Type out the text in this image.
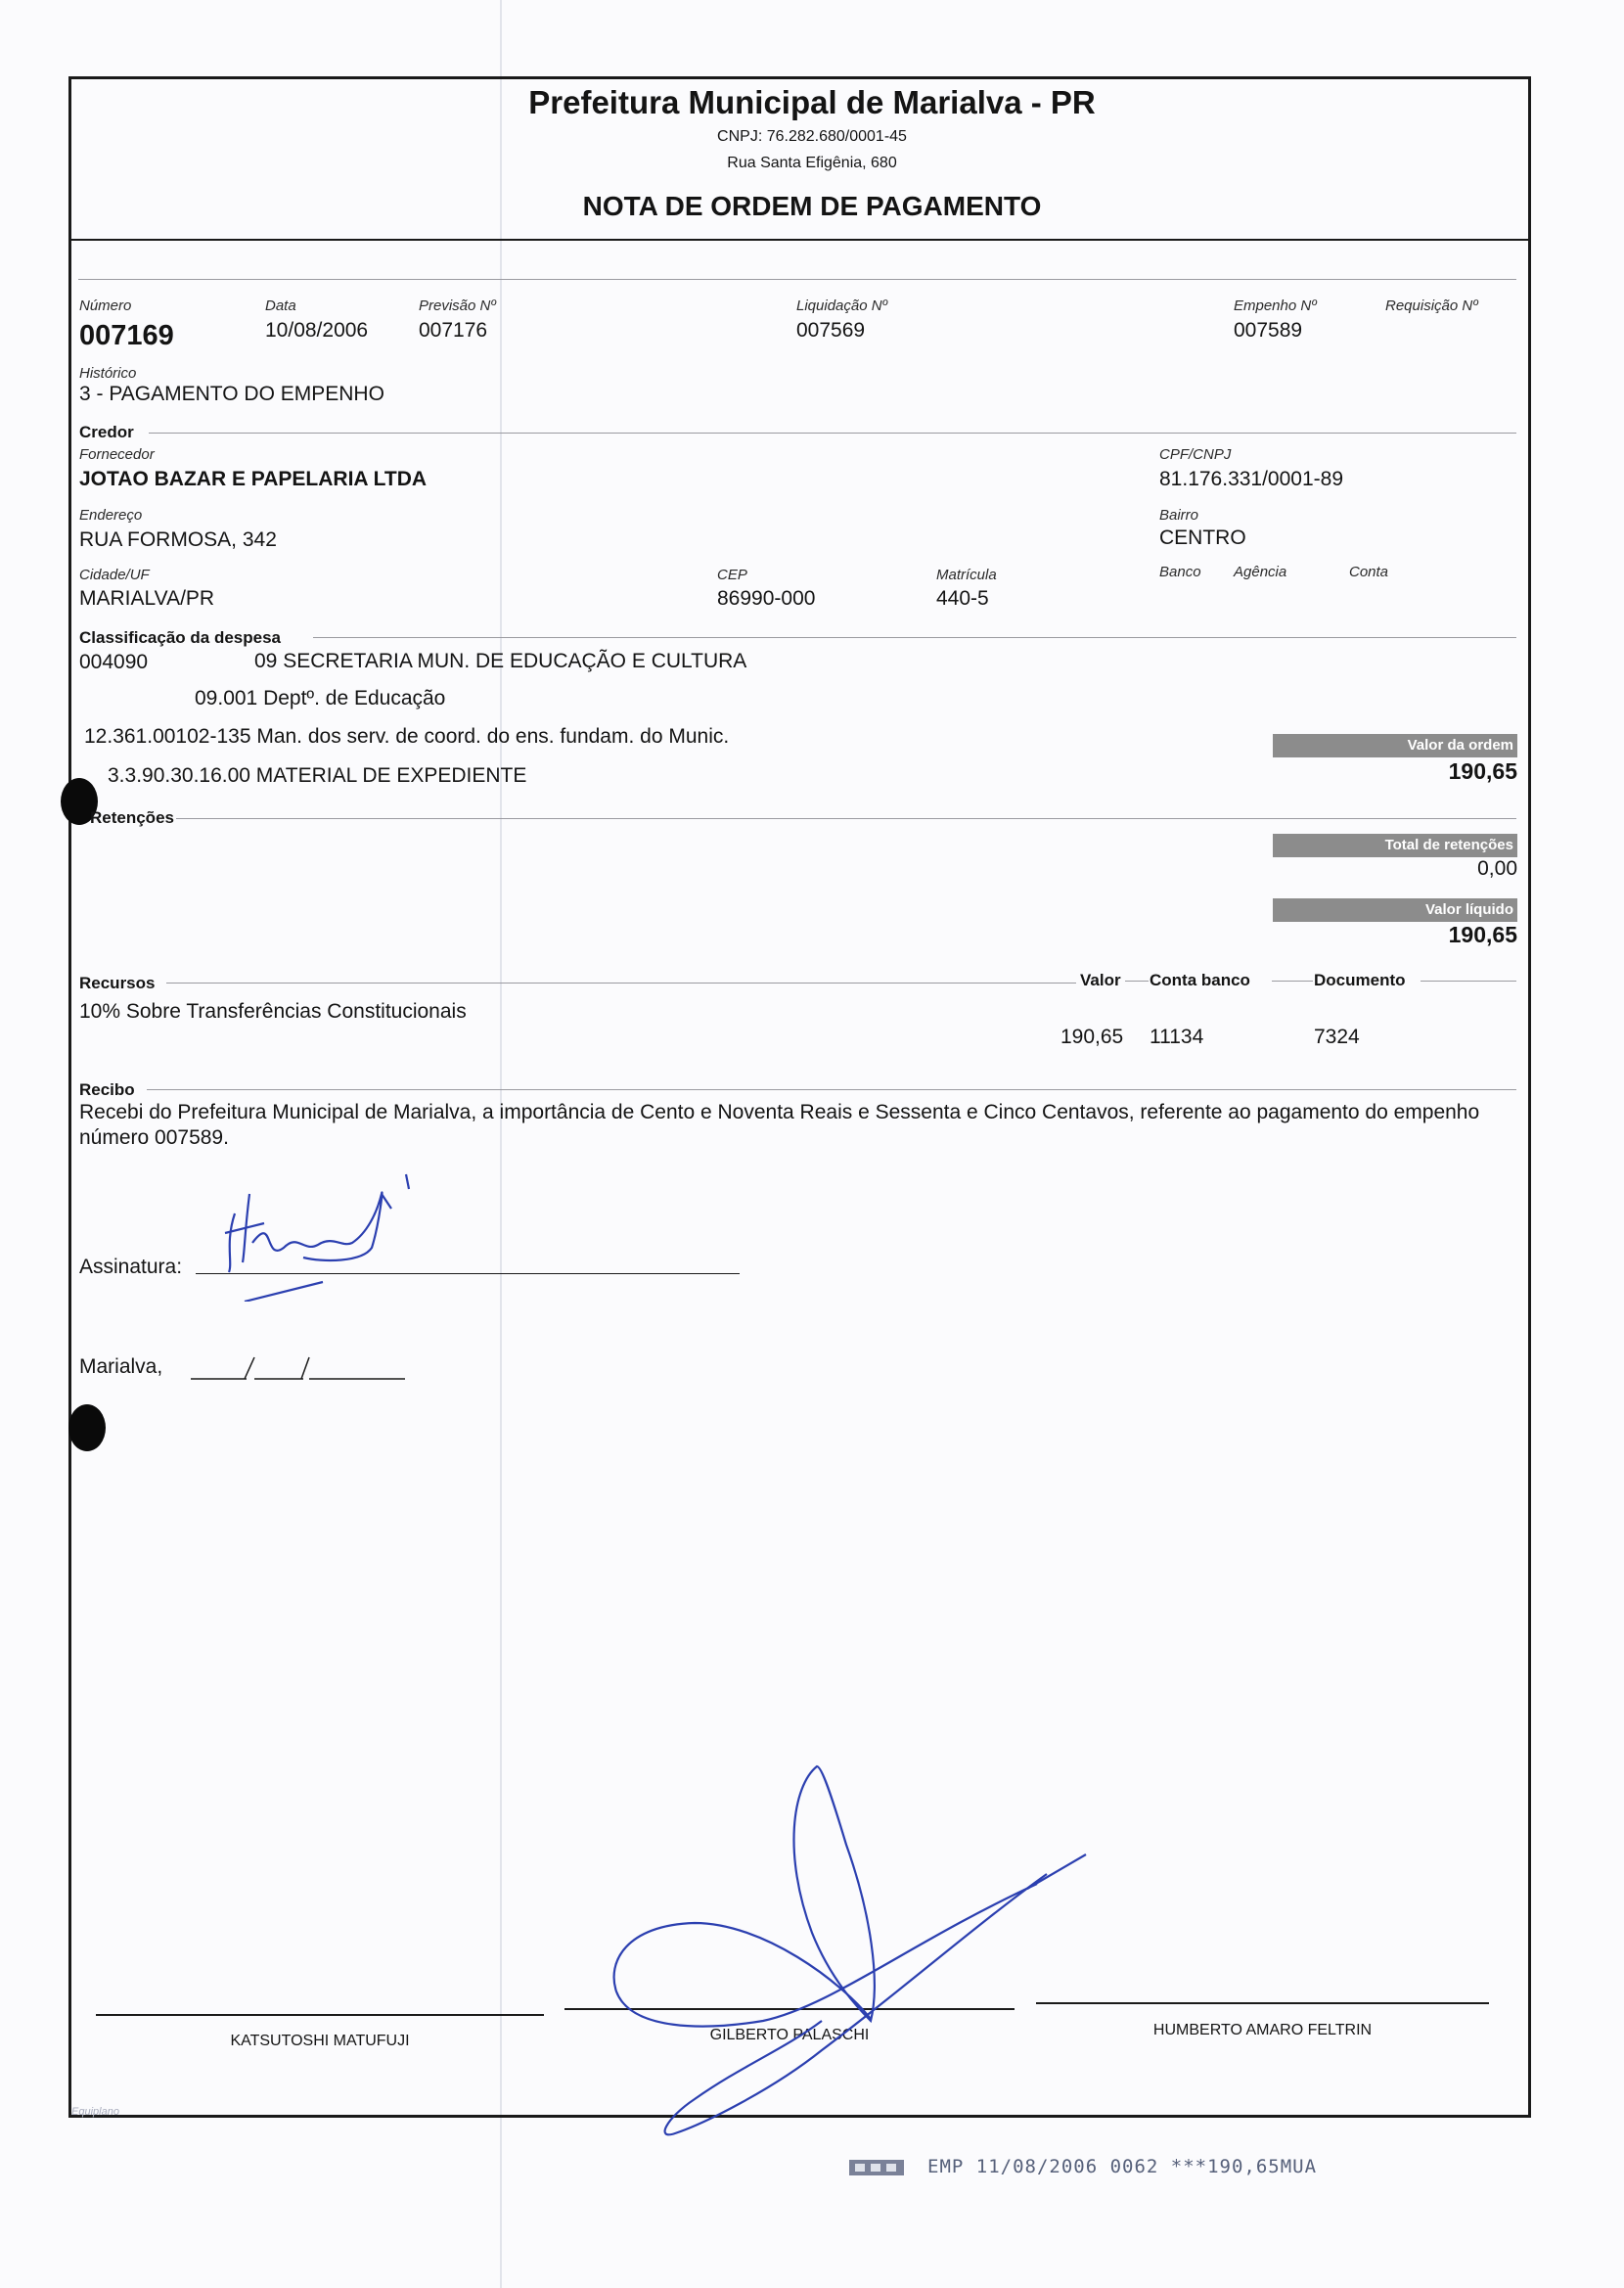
Prefeitura Municipal de Marialva - PR
CNPJ: 76.282.680/0001-45
Rua Santa Efigênia, 680
NOTA DE ORDEM DE PAGAMENTO
Número
007169
Data
10/08/2006
Previsão Nº
007176
Liquidação Nº
007569
Empenho Nº
007589
Requisição Nº
Histórico
3 - PAGAMENTO DO EMPENHO
Credor
Fornecedor
JOTAO BAZAR E PAPELARIA LTDA
CPF/CNPJ
81.176.331/0001-89
Endereço
RUA FORMOSA, 342
Bairro
CENTRO
Cidade/UF
MARIALVA/PR
CEP
86990-000
Matrícula
440-5
Banco Agência	Conta
Classificação da despesa
004090	09 SECRETARIA MUN. DE EDUCAÇÃO E CULTURA
09.001 Deptº. de Educação
12.361.00102-135 Man. dos serv. de coord. do ens. fundam. do Munic.
3.3.90.30.16.00 MATERIAL DE EXPEDIENTE
Valor da ordem
190,65
Retenções
Total de retenções
0,00
Valor líquido
190,65
Recursos	Valor Conta banco	Documento
10% Sobre Transferências Constitucionais
190,65 11134	7324
Recibo
Recebi do Prefeitura Municipal de Marialva, a importância de Cento e Noventa Reais e Sessenta e Cinco Centavos, referente ao pagamento do empenho número 007589.
Assinatura:
Marialva,
KATSUTOSHI MATUFUJI	GILBERTO PALASCHI	HUMBERTO AMARO FELTRIN
Equiplano
EMP 11/08/2006 0062 ***190,65MUA
